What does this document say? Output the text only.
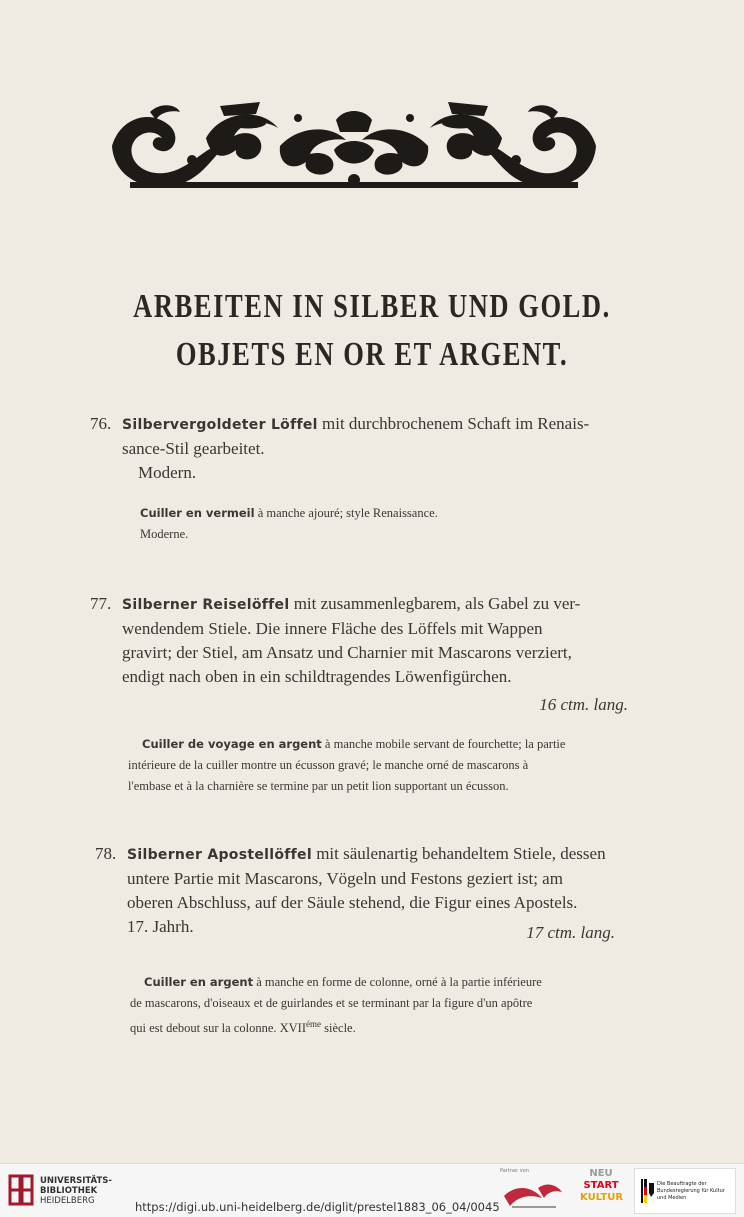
ARBEITEN IN SILBER UND GOLD.
OBJETS EN OR ET ARGENT.
76. Silbervergoldeter Löffel mit durchbrochenem Schaft im Renais-
sance-Stil gearbeitet.
Modern.
Cuiller en vermeil à manche ajouré; style Renaissance.
Moderne.
77. Silberner Reiselöffel mit zusammenlegbarem, als Gabel zu ver-
wendendem Stiele. Die innere Fläche des Löffels mit Wappen
gravirt; der Stiel, am Ansatz und Charnier mit Mascarons verziert,
endigt nach oben in ein schildtragendes Löwenfigürchen.
16 ctm. lang.
Cuiller de voyage en argent à manche mobile servant de fourchette; la partie
intérieure de la cuiller montre un écusson gravé; le manche orné de mascarons à
l'embase et à la charnière se termine par un petit lion supportant un écusson.
78. Silberner Apostellöffel mit säulenartig behandeltem Stiele, dessen
untere Partie mit Mascarons, Vögeln und Festons geziert ist; am
oberen Abschluss, auf der Säule stehend, die Figur eines Apostels.
17. Jahrh.	17 ctm. lang.
Cuiller en argent à manche en forme de colonne, orné à la partie inférieure
de mascarons, d'oiseaux et de guirlandes et se terminant par la figure d'un apôtre
qui est debout sur la colonne. $XVII^{éme}$ siècle.
UNIVERSITÄTS-
BIBLIOTHEK
HEIDELBERG	https://digi.ub.uni-heidelberg.de/diglit/prestel1883_06_04/0045
Partner von	NEU
START
KULTUR
Die Beauftragte der Bundesregierung für Kultur und Medien
